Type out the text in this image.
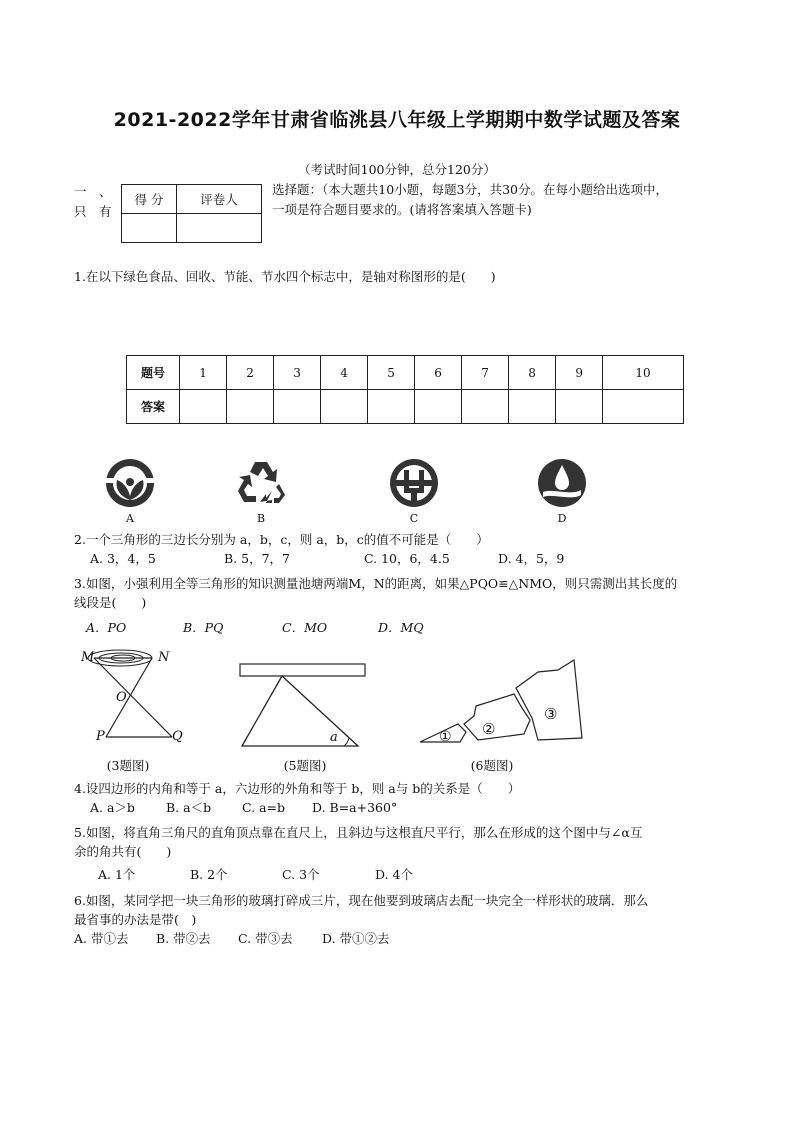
2021-2022学年甘肃省临洮县八年级上学期期中数学试题及答案
（考试时间100分钟，总分120分）
一　、
只　有
得 分	评卷人

选择题：（本大题共10小题，每题3分，共30分。在每小题给出选项中，
一项是符合题目要求的。(请将答案填入答题卡)
1.在以下绿色食品、回收、节能、节水四个标志中，是轴对称图形的是(　　)
题号	1	2	3	4	5	6	7	8	9	10
答案										
A	B	C	D
2.一个三角形的三边长分别为 a，b，c，则 a，b，c的值不可能是（　　）
A. 3，4，5	B. 5，7，7	C. 10，6，4.5	D. 4，5，9
3.如图，小强利用全等三角形的知识测量池塘两端M，N的距离，如果△PQO≌△NMO，则只需测出其长度的
线段是(　　)
A．PO	B．PQ	C．MO	D．MQ
M	N
O
P	Q
(3题图)
a
(5题图)
① ②
③
(6题图)
4.设四边形的内角和等于 a，六边形的外角和等于 b，则 a与 b的关系是（　　）
A. a＞b B. a＜b C. a=b D. B=a+360°
5.如图，将直角三角尺的直角顶点靠在直尺上，且斜边与这根直尺平行，那么在形成的这个图中与∠α互
余的角共有(　　)
A. 1个	B. 2个	C. 3个	D. 4个
6.如图，某同学把一块三角形的玻璃打碎成三片，现在他要到玻璃店去配一块完全一样形状的玻璃．那么
最省事的办法是带(　)
A. 带①去 B. 带②去 C. 带③去 D. 带①②去
